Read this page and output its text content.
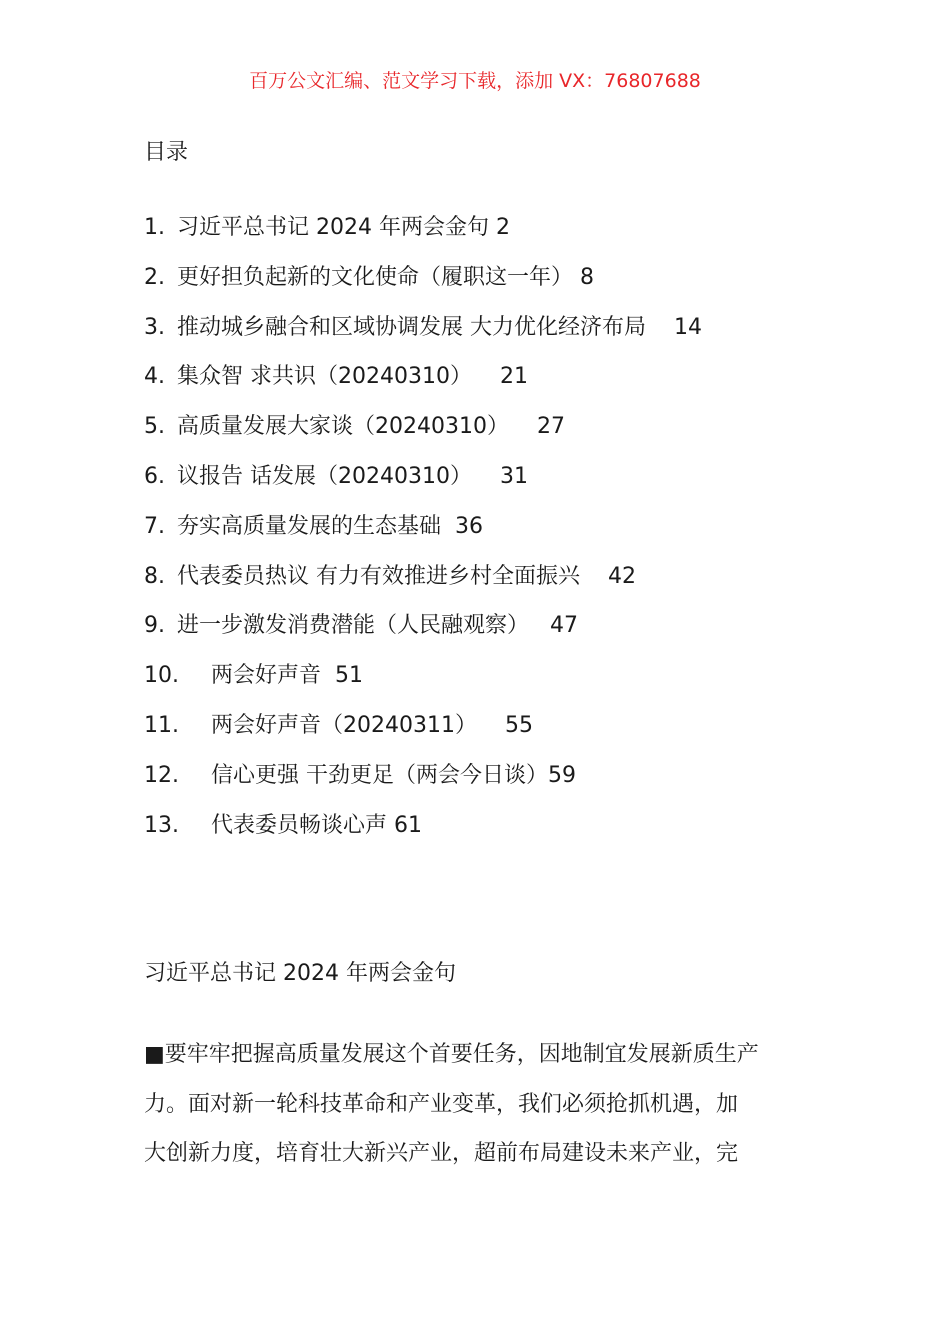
百万公文汇编、范文学习下载，添加 VX：76807688
目录
1. 习近平总书记 2024 年两会金句 2
2. 更好担负起新的文化使命（履职这一年） 8
3. 推动城乡融合和区域协调发展 大力优化经济布局 14
4. 集众智 求共识（20240310） 21
5. 高质量发展大家谈（20240310） 27
6. 议报告 话发展（20240310） 31
7. 夯实高质量发展的生态基础 36
8. 代表委员热议 有力有效推进乡村全面振兴 42
9. 进一步激发消费潜能（人民融观察） 47
10. 两会好声音 51
11. 两会好声音（20240311） 55
12. 信心更强 干劲更足（两会今日谈）59
13. 代表委员畅谈心声 61
习近平总书记 2024 年两会金句

■要牢牢把握高质量发展这个首要任务，因地制宜发展新质生产
力。面对新一轮科技革命和产业变革，我们必须抢抓机遇，加
大创新力度，培育壮大新兴产业，超前布局建设未来产业，完
